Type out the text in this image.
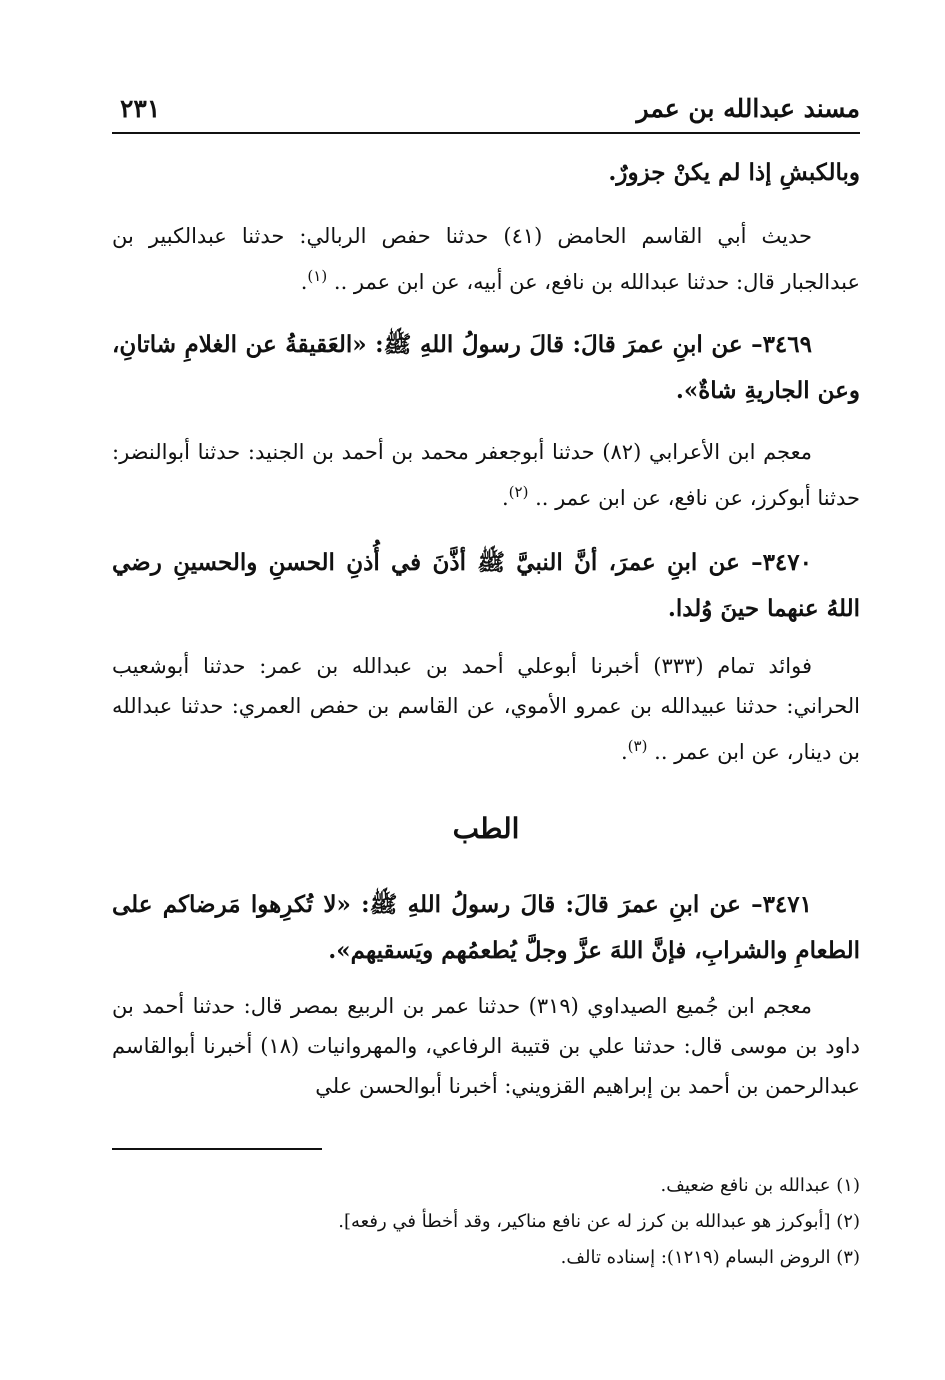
مسند عبدالله بن عمر
٢٣١

وبالكبشِ إذا لم يكنْ جزورٌ.

حديث أبي القاسم الحامض (٤١) حدثنا حفص الربالي: حدثنا عبدالكبير بن عبدالجبار قال: حدثنا عبدالله بن نافع، عن أبيه، عن ابن عمر .. $^{(١)}$.

٣٤٦٩– عن ابنِ عمرَ قالَ: قالَ رسولُ اللهِ ﷺ: «العَقيقةُ عن الغلامِ شاتانِ، وعن الجاريةِ شاةٌ».

معجم ابن الأعرابي (٨٢) حدثنا أبوجعفر محمد بن أحمد بن الجنيد: حدثنا أبوالنضر: حدثنا أبوكرز، عن نافع، عن ابن عمر .. $^{(٢)}$.

٣٤٧٠– عن ابنِ عمرَ، أنَّ النبيَّ ﷺ أذَّنَ في أُذنِ الحسنِ والحسينِ رضي اللهُ عنهما حينَ وُلدا.

فوائد تمام (٣٣٣) أخبرنا أبوعلي أحمد بن عبدالله بن عمر: حدثنا أبوشعيب الحراني: حدثنا عبيدالله بن عمرو الأموي، عن القاسم بن حفص العمري: حدثنا عبدالله بن دينار، عن ابن عمر .. $^{(٣)}$.

الطب

٣٤٧١– عن ابنِ عمرَ قالَ: قالَ رسولُ اللهِ ﷺ: «لا تُكرِهوا مَرضاكم على الطعامِ والشرابِ، فإنَّ اللهَ عزَّ وجلَّ يُطعمُهم ويَسقيهم».

معجم ابن جُميع الصيداوي (٣١٩) حدثنا عمر بن الربيع بمصر قال: حدثنا أحمد بن داود بن موسى قال: حدثنا علي بن قتيبة الرفاعي، والمهروانيات (١٨) أخبرنا أبوالقاسم عبدالرحمن بن أحمد بن إبراهيم القزويني: أخبرنا أبوالحسن علي

(١) عبدالله بن نافع ضعيف.
(٢) [أبوكرز هو عبدالله بن كرز له عن نافع مناكير، وقد أخطأ في رفعه].
(٣) الروض البسام (١٢١٩): إسناده تالف.
